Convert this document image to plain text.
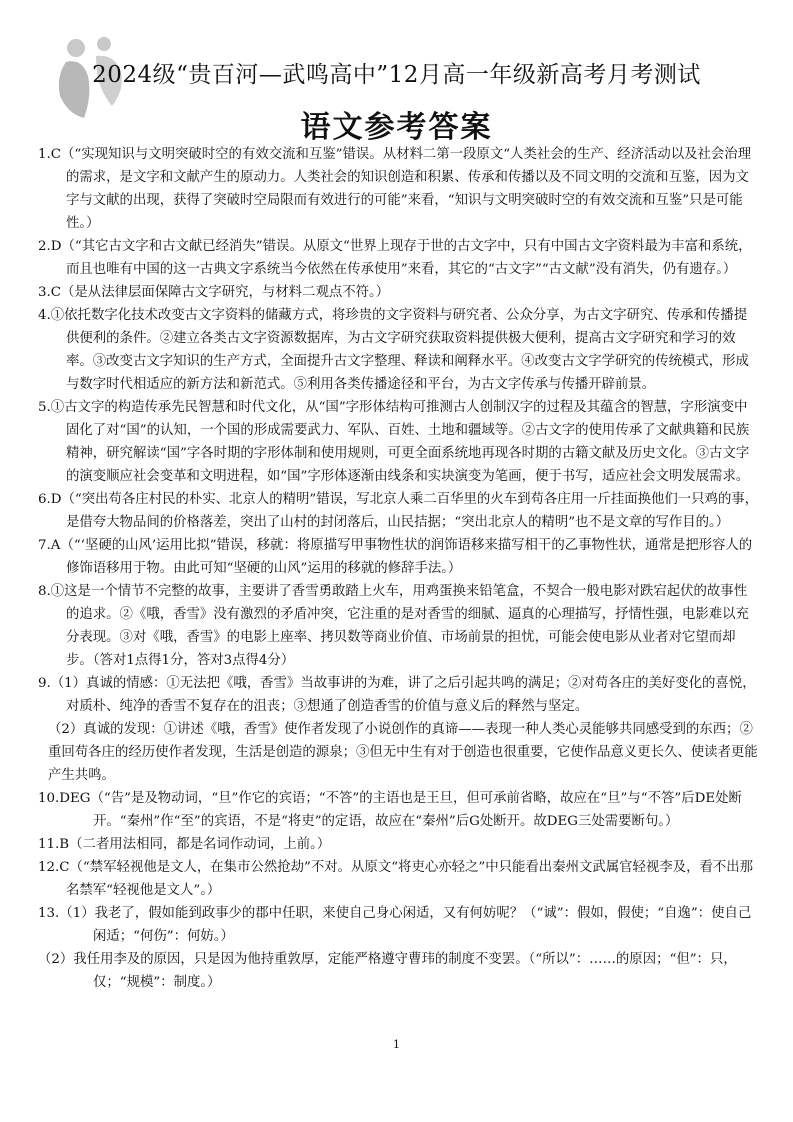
2024级“贵百河—武鸣高中”12月高一年级新高考月考测试
语文参考答案

1.C（“实现知识与文明突破时空的有效交流和互鉴”错误。从材料二第一段原文“人类社会的生产、经济活动以及社会治理的需求，是文字和文献产生的原动力。人类社会的知识创造和积累、传承和传播以及不同文明的交流和互鉴，因为文字与文献的出现，获得了突破时空局限而有效进行的可能”来看，“知识与文明突破时空的有效交流和互鉴”只是可能性。）

2.D（“其它古文字和古文献已经消失”错误。从原文“世界上现存于世的古文字中，只有中国古文字资料最为丰富和系统，而且也唯有中国的这一古典文字系统当今依然在传承使用”来看，其它的“古文字”“古文献”没有消失，仍有遗存。）

3.C（是从法律层面保障古文字研究，与材料二观点不符。）

4.①依托数字化技术改变古文字资料的储藏方式，将珍贵的文字资料与研究者、公众分享，为古文字研究、传承和传播提供便利的条件。②建立各类古文字资源数据库，为古文字研究获取资料提供极大便利，提高古文字研究和学习的效率。③改变古文字知识的生产方式，全面提升古文字整理、释读和阐释水平。④改变古文字学研究的传统模式，形成与数字时代相适应的新方法和新范式。⑤利用各类传播途径和平台，为古文字传承与传播开辟前景。

5.①古文字的构造传承先民智慧和时代文化，从“国”字形体结构可推测古人创制汉字的过程及其蕴含的智慧，字形演变中固化了对“国”的认知，一个国的形成需要武力、军队、百姓、土地和疆域等。②古文字的使用传承了文献典籍和民族精神，研究解读“国”字各时期的字形体制和使用规则，可更全面系统地再现各时期的古籍文献及历史文化。③古文字的演变顺应社会变革和文明进程，如“国”字形体逐渐由线条和实块演变为笔画，便于书写，适应社会文明发展需求。

6.D（“突出苟各庄村民的朴实、北京人的精明”错误，写北京人乘二百华里的火车到苟各庄用一斤挂面换他们一只鸡的事，是借夸大物品间的价格落差，突出了山村的封闭落后，山民拮据；“突出北京人的精明”也不是文章的写作目的。）

7.A（“‘坚硬的山风’运用比拟”错误，移就：将原描写甲事物性状的润饰语移来描写相干的乙事物性状，通常是把形容人的修饰语移用于物。由此可知“坚硬的山风”运用的移就的修辞手法。）

8.①这是一个情节不完整的故事，主要讲了香雪勇敢踏上火车，用鸡蛋换来铅笔盒，不契合一般电影对跌宕起伏的故事性的追求。②《哦，香雪》没有激烈的矛盾冲突，它注重的是对香雪的细腻、逼真的心理描写，抒情性强，电影难以充分表现。③对《哦，香雪》的电影上座率、拷贝数等商业价值、市场前景的担忧，可能会使电影从业者对它望而却步。（答对1点得1分，答对3点得4分）

9.（1）真诚的情感：①无法把《哦，香雪》当故事讲的为难，讲了之后引起共鸣的满足；②对苟各庄的美好变化的喜悦，对质朴、纯净的香雪不复存在的沮丧；③想通了创造香雪的价值与意义后的释然与坚定。

（2）真诚的发现：①讲述《哦，香雪》使作者发现了小说创作的真谛——表现一种人类心灵能够共同感受到的东西；②重回苟各庄的经历使作者发现，生活是创造的源泉；③但无中生有对于创造也很重要，它使作品意义更长久、使读者更能产生共鸣。

10.DEG（“告”是及物动词，“旦”作它的宾语；“不答”的主语也是王旦，但可承前省略，故应在“旦”与“不答”后DE处断开。“秦州”作“至”的宾语，不是“将吏”的定语，故应在“秦州”后G处断开。故DEG三处需要断句。）

11.B（二者用法相同，都是名词作动词，上前。）

12.C（“禁军轻视他是文人，在集市公然抢劫”不对。从原文“将吏心亦轻之”中只能看出秦州文武属官轻视李及，看不出那名禁军“轻视他是文人”。）

13.（1）我老了，假如能到政事少的郡中任职，来使自己身心闲适，又有何妨呢？（“诚”：假如，假使；“自逸”：使自己闲适；“何伤”：何妨。）

（2）我任用李及的原因，只是因为他持重敦厚，定能严格遵守曹玮的制度不变罢。（“所以”：……的原因；“但”：只，仅；“规模”：制度。）

1
